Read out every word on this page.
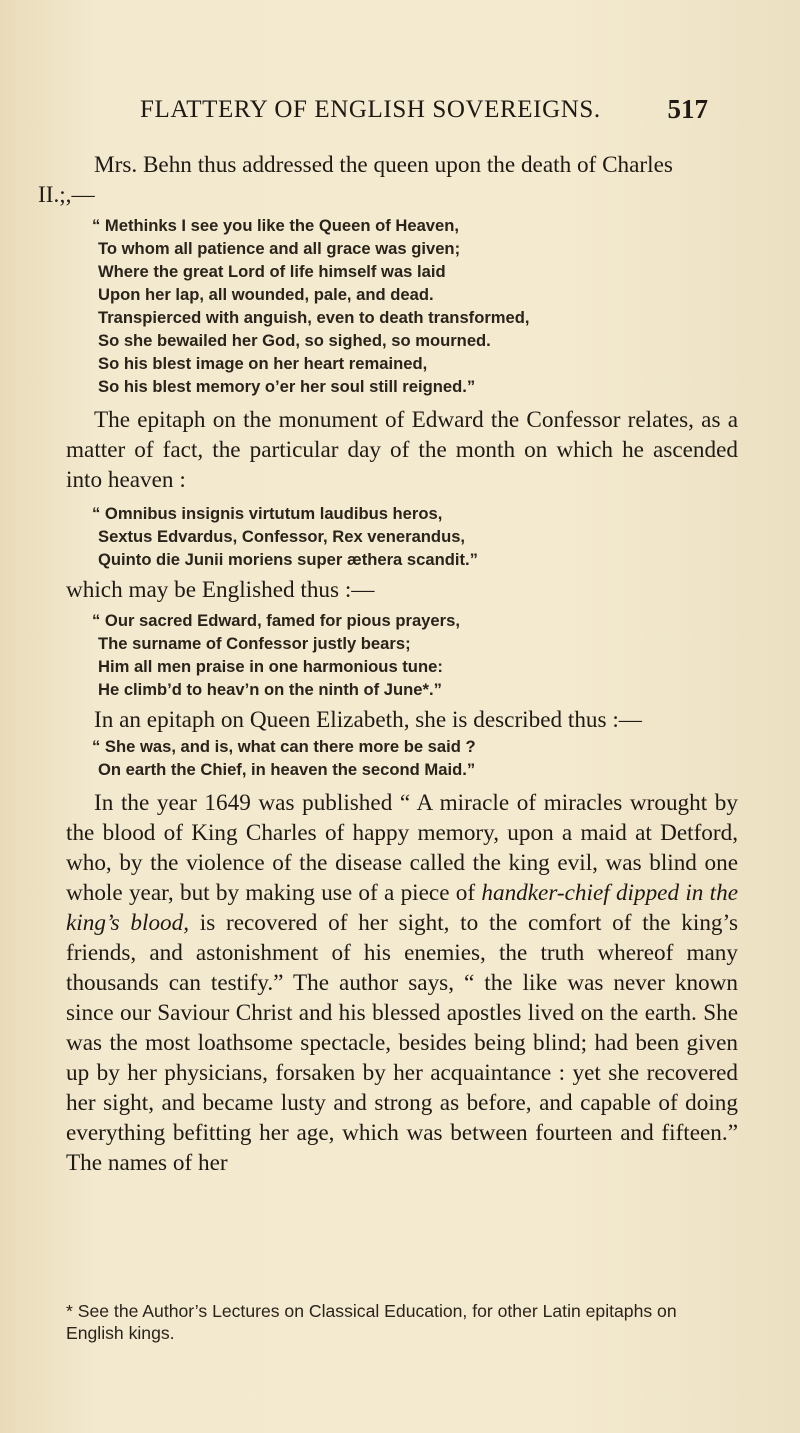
FLATTERY OF ENGLISH SOVEREIGNS. 517

Mrs. Behn thus addressed the queen upon the death of Charles
II.;,—

“ Methinks I see you like the Queen of Heaven,
To whom all patience and all grace was given;
Where the great Lord of life himself was laid
Upon her lap, all wounded, pale, and dead.
Transpierced with anguish, even to death transformed,
So she bewailed her God, so sighed, so mourned.
So his blest image on her heart remained,
So his blest memory o’er her soul still reigned.”

The epitaph on the monument of Edward the Confessor relates, as a matter of fact, the particular day of the month on which he ascended into heaven :

“ Omnibus insignis virtutum laudibus heros,
Sextus Edvardus, Confessor, Rex venerandus,
Quinto die Junii moriens super æthera scandit.”

which may be Englished thus :—

“ Our sacred Edward, famed for pious prayers,
The surname of Confessor justly bears;
Him all men praise in one harmonious tune:
He climb’d to heav’n on the ninth of June*.”

In an epitaph on Queen Elizabeth, she is described thus :—

“ She was, and is, what can there more be said ?
On earth the Chief, in heaven the second Maid.”

In the year 1649 was published “ A miracle of miracles wrought by the blood of King Charles of happy memory, upon a maid at Detford, who, by the violence of the disease called the king evil, was blind one whole year, but by making use of a piece of handker-chief dipped in the king’s blood, is recovered of her sight, to the comfort of the king’s friends, and astonishment of his enemies, the truth whereof many thousands can testify.” The author says, “ the like was never known since our Saviour Christ and his blessed apostles lived on the earth. She was the most loathsome spectacle, besides being blind; had been given up by her physicians, forsaken by her acquaintance : yet she recovered her sight, and became lusty and strong as before, and capable of doing everything befitting her age, which was between fourteen and fifteen.” The names of her

* See the Author’s Lectures on Classical Education, for other Latin epitaphs on English kings.
